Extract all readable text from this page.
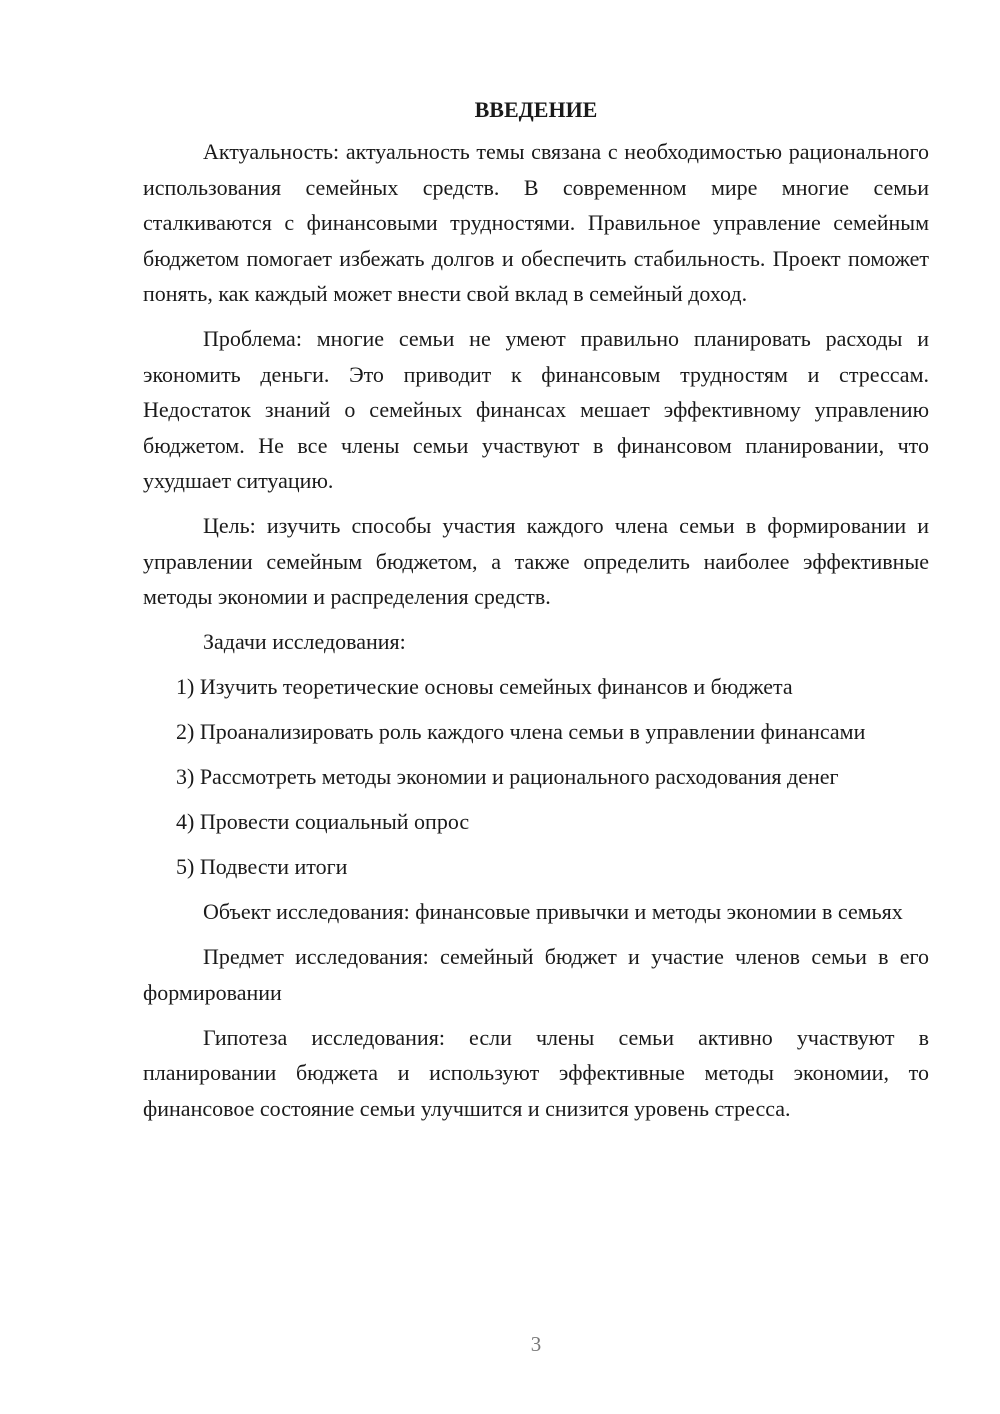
ВВЕДЕНИЕ

Актуальность: актуальность темы связана с необходимостью рационального использования семейных средств. В современном мире многие семьи сталкиваются с финансовыми трудностями. Правильное управление семейным бюджетом помогает избежать долгов и обеспечить стабильность. Проект поможет понять, как каждый может внести свой вклад в семейный доход.

Проблема: многие семьи не умеют правильно планировать расходы и экономить деньги. Это приводит к финансовым трудностям и стрессам. Недостаток знаний о семейных финансах мешает эффективному управлению бюджетом. Не все члены семьи участвуют в финансовом планировании, что ухудшает ситуацию.

Цель: изучить способы участия каждого члена семьи в формировании и управлении семейным бюджетом, а также определить наиболее эффективные методы экономии и распределения средств.

Задачи исследования:

1) Изучить теоретические основы семейных финансов и бюджета

2) Проанализировать роль каждого члена семьи в управлении финансами

3) Рассмотреть методы экономии и рационального расходования денег

4) Провести социальный опрос

5) Подвести итоги

Объект исследования: финансовые привычки и методы экономии в семьях

Предмет исследования: семейный бюджет и участие членов семьи в его формировании

Гипотеза исследования: если члены семьи активно участвуют в планировании бюджета и используют эффективные методы экономии, то финансовое состояние семьи улучшится и снизится уровень стресса.

3
